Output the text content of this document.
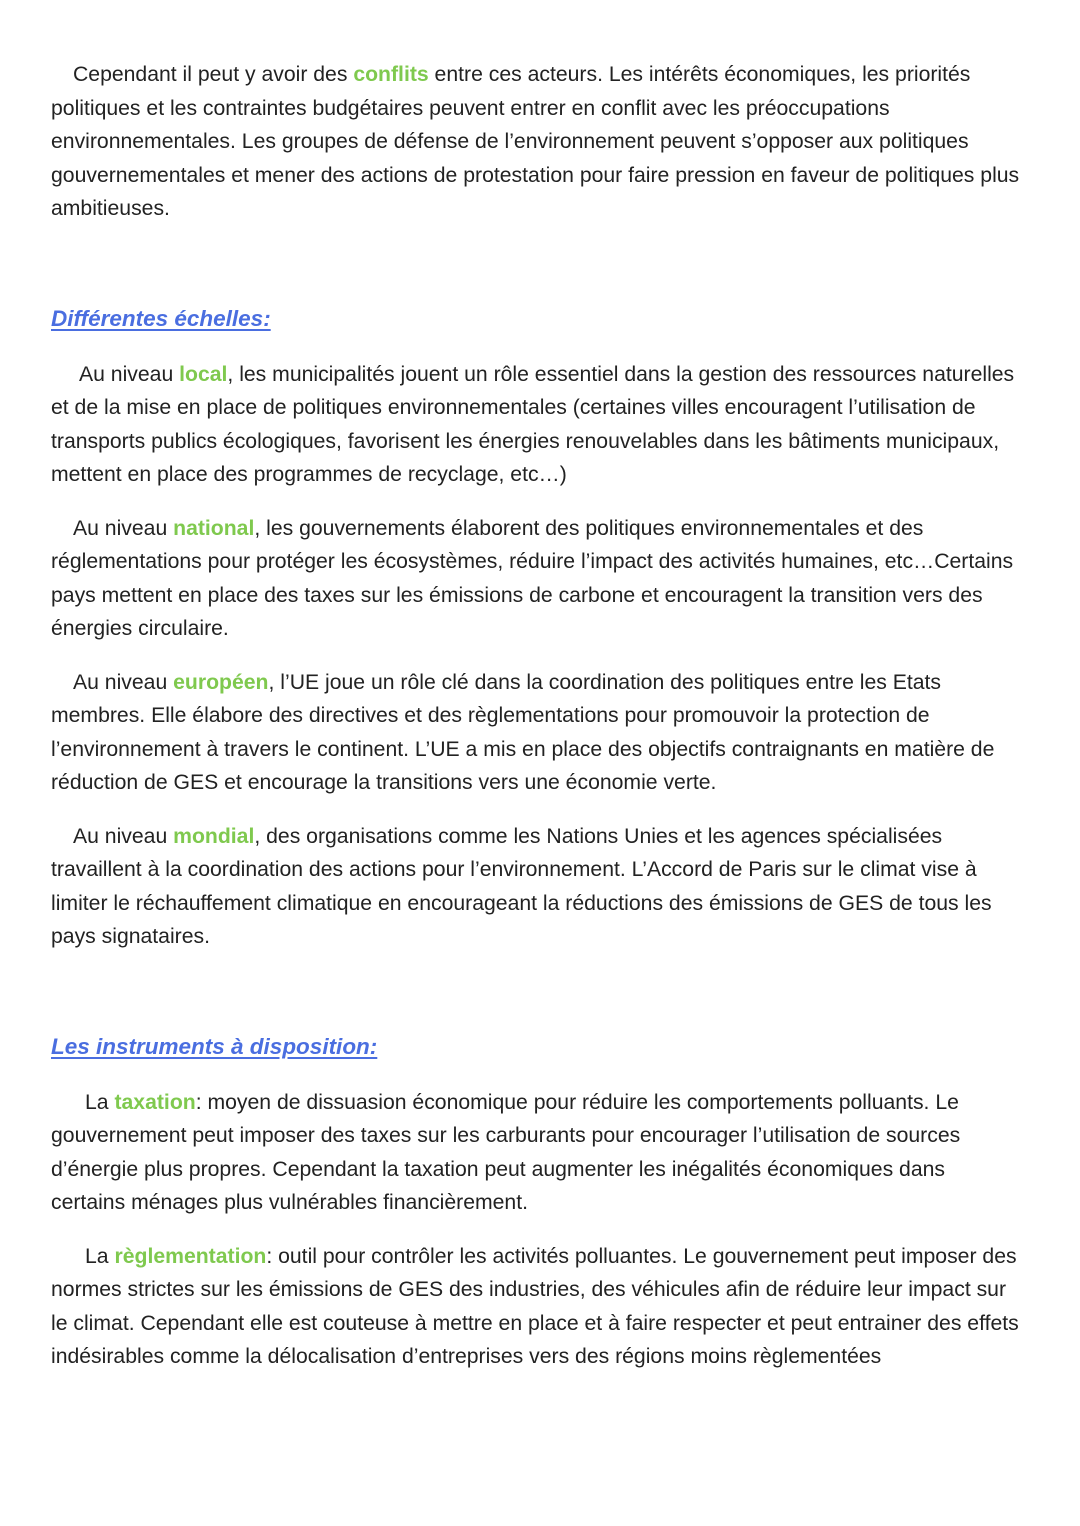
Cependant il peut y avoir des conflits entre ces acteurs. Les intérêts économiques, les priorités politiques et les contraintes budgétaires peuvent entrer en conflit avec les préoccupations environnementales. Les groupes de défense de l’environnement peuvent s’opposer aux politiques gouvernementales et mener des actions de protestation pour faire pression en faveur de politiques plus ambitieuses.

Différentes échelles:

Au niveau local, les municipalités jouent un rôle essentiel dans la gestion des ressources naturelles et de la mise en place de politiques environnementales (certaines villes encouragent l’utilisation de transports publics écologiques, favorisent les énergies renouvelables dans les bâtiments municipaux, mettent en place des programmes de recyclage, etc…)

Au niveau national, les gouvernements élaborent des politiques environnementales et des réglementations pour protéger les écosystèmes, réduire l’impact des activités humaines, etc…Certains pays mettent en place des taxes sur les émissions de carbone et encouragent la transition vers des énergies circulaire.

Au niveau européen, l’UE joue un rôle clé dans la coordination des politiques entre les Etats membres. Elle élabore des directives et des règlementations pour promouvoir la protection de l’environnement à travers le continent. L’UE a mis en place des objectifs contraignants en matière de réduction de GES et encourage la transitions vers une économie verte.

Au niveau mondial, des organisations comme les Nations Unies et les agences spécialisées travaillent à la coordination des actions pour l’environnement. L’Accord de Paris sur le climat vise à limiter le réchauffement climatique en encourageant la réductions des émissions de GES de tous les pays signataires.

Les instruments à disposition:

La taxation: moyen de dissuasion économique pour réduire les comportements polluants. Le gouvernement peut imposer des taxes sur les carburants pour encourager l’utilisation de sources d’énergie plus propres. Cependant la taxation peut augmenter les inégalités économiques dans certains ménages plus vulnérables financièrement.

La règlementation: outil pour contrôler les activités polluantes. Le gouvernement peut imposer des normes strictes sur les émissions de GES des industries, des véhicules afin de réduire leur impact sur le climat. Cependant elle est couteuse à mettre en place et à faire respecter et peut entrainer des effets indésirables comme la délocalisation d’entreprises vers des régions moins règlementées
